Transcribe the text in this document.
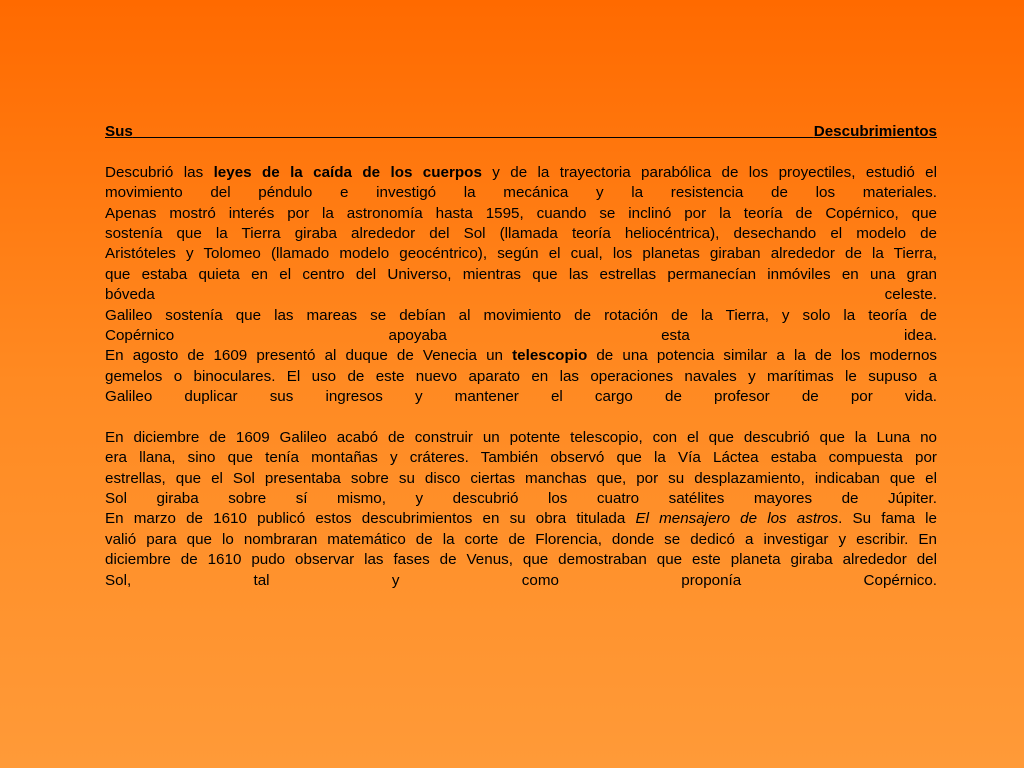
Sus	Descubrimientos
Descubrió las leyes de la caída de los cuerpos y de la trayectoria parabólica de los proyectiles, estudió el
movimiento del péndulo e investigó la mecánica y la resistencia de los materiales.
Apenas mostró interés por la astronomía hasta 1595, cuando se inclinó por la teoría de Copérnico, que
sostenía que la Tierra giraba alrededor del Sol (llamada teoría heliocéntrica), desechando el modelo de
Aristóteles y Tolomeo (llamado modelo geocéntrico), según el cual, los planetas giraban alrededor de la Tierra,
que estaba quieta en el centro del Universo, mientras que las estrellas permanecían inmóviles en una gran
bóveda celeste.
Galileo sostenía que las mareas se debían al movimiento de rotación de la Tierra, y solo la teoría de
Copérnico apoyaba esta idea.
En agosto de 1609 presentó al duque de Venecia un telescopio de una potencia similar a la de los modernos
gemelos o binoculares. El uso de este nuevo aparato en las operaciones navales y marítimas le supuso a
Galileo duplicar sus ingresos y mantener el cargo de profesor de por vida.
En diciembre de 1609 Galileo acabó de construir un potente telescopio, con el que descubrió que la Luna no
era llana, sino que tenía montañas y cráteres. También observó que la Vía Láctea estaba compuesta por
estrellas, que el Sol presentaba sobre su disco ciertas manchas que, por su desplazamiento, indicaban que el
Sol giraba sobre sí mismo, y descubrió los cuatro satélites mayores de Júpiter.
En marzo de 1610 publicó estos descubrimientos en su obra titulada El mensajero de los astros. Su fama le
valió para que lo nombraran matemático de la corte de Florencia, donde se dedicó a investigar y escribir. En
diciembre de 1610 pudo observar las fases de Venus, que demostraban que este planeta giraba alrededor del
Sol, tal y como proponía Copérnico.
